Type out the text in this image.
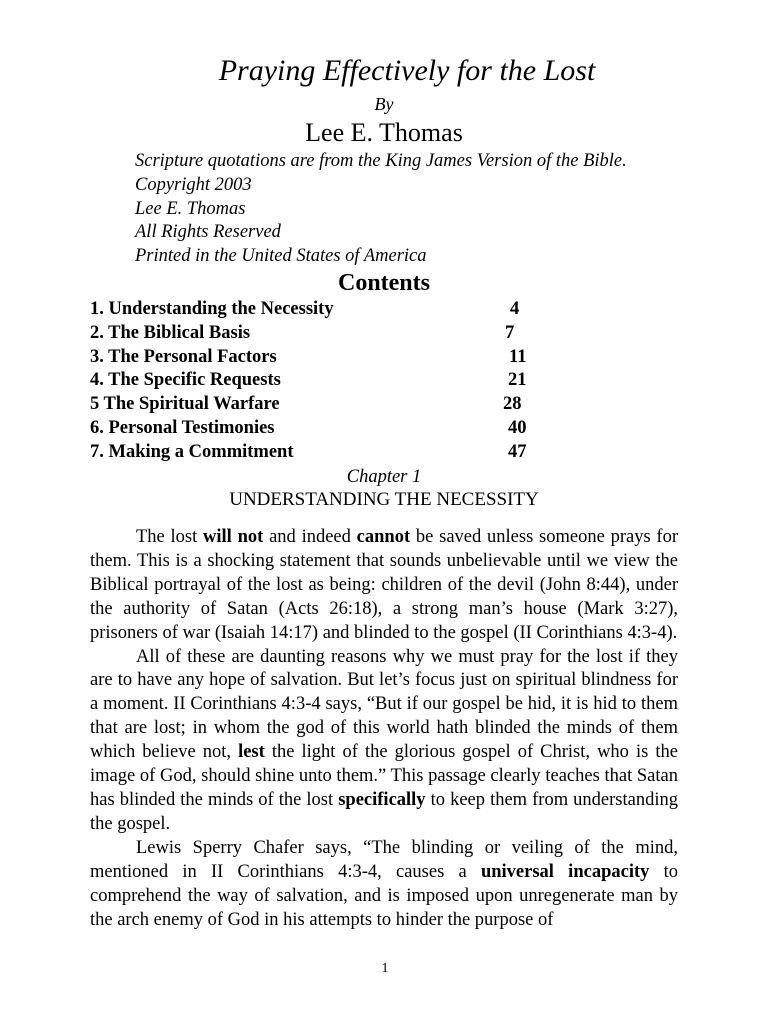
Praying Effectively for the Lost
By
Lee E. Thomas
Scripture quotations are from the King James Version of the Bible.
Copyright 2003
Lee E. Thomas
All Rights Reserved
Printed in the United States of America
Contents
1. Understanding the Necessity	4
2. The Biblical Basis	7
3. The Personal Factors	11
4. The Specific Requests	21
5 The Spiritual Warfare	28
6. Personal Testimonies	40
7. Making a Commitment	47
Chapter 1
UNDERSTANDING THE NECESSITY

The lost will not and indeed cannot be saved unless someone prays for them. This is a shocking statement that sounds unbelievable until we view the Biblical portrayal of the lost as being: children of the devil (John 8:44), under the authority of Satan (Acts 26:18), a strong man’s house (Mark 3:27), prisoners of war (Isaiah 14:17) and blinded to the gospel (II Corinthians 4:3-4).

All of these are daunting reasons why we must pray for the lost if they are to have any hope of salvation. But let’s focus just on spiritual blindness for a moment. II Corinthians 4:3-4 says, “But if our gospel be hid, it is hid to them that are lost; in whom the god of this world hath blinded the minds of them which believe not, lest the light of the glorious gospel of Christ, who is the image of God, should shine unto them.” This passage clearly teaches that Satan has blinded the minds of the lost specifically to keep them from understanding the gospel.

Lewis Sperry Chafer says, “The blinding or veiling of the mind, mentioned in II Corinthians 4:3-4, causes a universal incapacity to comprehend the way of salvation, and is imposed upon unregenerate man by the arch enemy of God in his attempts to hinder the purpose of

1
